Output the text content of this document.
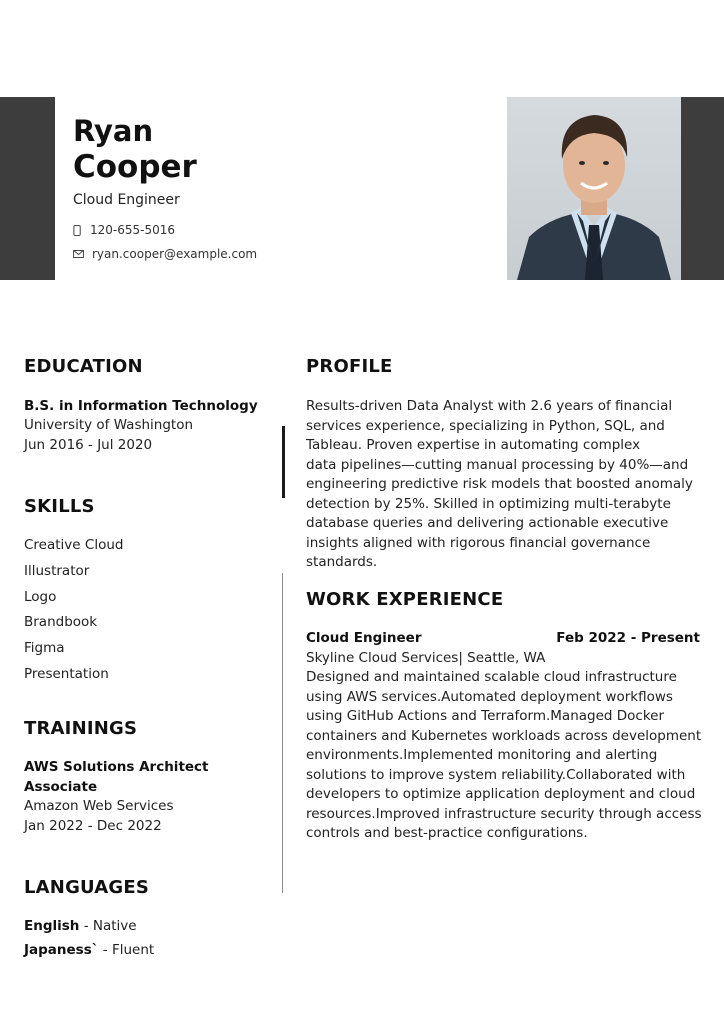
Ryan
Cooper
Cloud Engineer
120-655-5016
ryan.cooper@example.com
EDUCATION
B.S. in Information Technology
University of Washington
Jun 2016 - Jul 2020
SKILLS
Creative Cloud
Illustrator
Logo
Brandbook
Figma
Presentation
TRAININGS
AWS Solutions Architect
Associate
Amazon Web Services
Jan 2022 - Dec 2022
LANGUAGES
English - Native
Japaness` - Fluent
PROFILE
Results-driven Data Analyst with 2.6 years of financial
services experience, specializing in Python, SQL, and
Tableau. Proven expertise in automating complex
data pipelines—cutting manual processing by 40%—and
engineering predictive risk models that boosted anomaly
detection by 25%. Skilled in optimizing multi-terabyte
database queries and delivering actionable executive
insights aligned with rigorous financial governance
standards.
WORK EXPERIENCE
Cloud Engineer	Feb 2022 - Present
Skyline Cloud Services| Seattle, WA
Designed and maintained scalable cloud infrastructure
using AWS services.Automated deployment workflows
using GitHub Actions and Terraform.Managed Docker
containers and Kubernetes workloads across development
environments.Implemented monitoring and alerting
solutions to improve system reliability.Collaborated with
developers to optimize application deployment and cloud
resources.Improved infrastructure security through access
controls and best-practice configurations.
